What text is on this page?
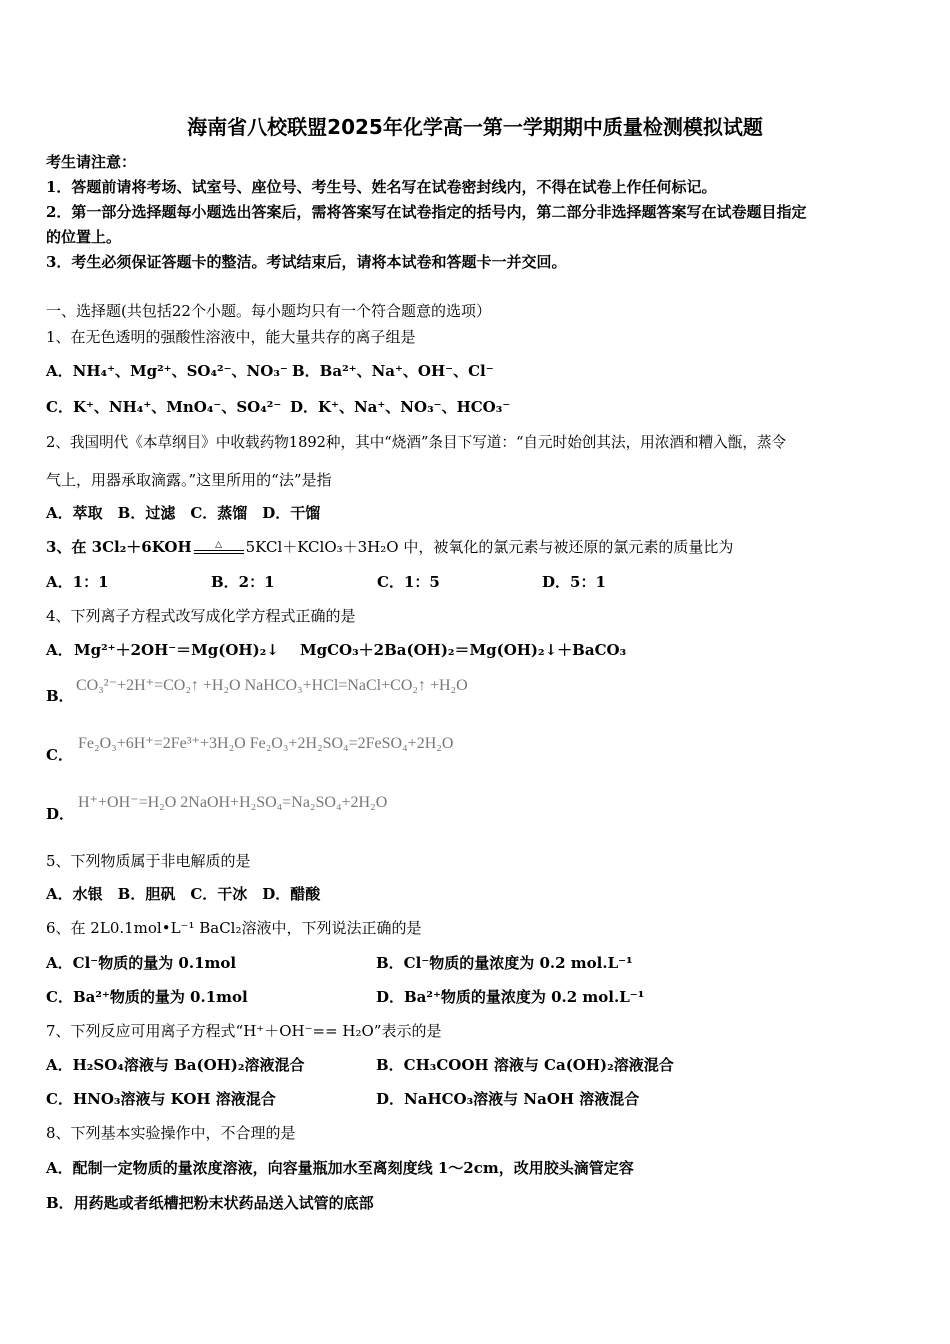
海南省八校联盟2025年化学高一第一学期期中质量检测模拟试题
考生请注意：
1．答题前请将考场、试室号、座位号、考生号、姓名写在试卷密封线内，不得在试卷上作任何标记。
2．第一部分选择题每小题选出答案后，需将答案写在试卷指定的括号内，第二部分非选择题答案写在试卷题目指定
的位置上。
3．考生必须保证答题卡的整洁。考试结束后，请将本试卷和答题卡一并交回。
一、选择题(共包括22个小题。每小题均只有一个符合题意的选项）
1、在无色透明的强酸性溶液中，能大量共存的离子组是
A．NH₄⁺、Mg²⁺、SO₄²⁻、NO₃⁻ B．Ba²⁺、Na⁺、OH⁻、Cl⁻
C．K⁺、NH₄⁺、MnO₄⁻、SO₄²⁻ D．K⁺、Na⁺、NO₃⁻、HCO₃⁻
2、我国明代《本草纲目》中收载药物1892种，其中“烧酒”条目下写道：“自元时始创其法，用浓酒和糟入甑，蒸令
气上，用器承取滴露。”这里所用的“法”是指
A．萃取　B．过滤　C．蒸馏　D．干馏
3、在 3Cl₂＋6KOH	△ 5KCl＋KClO₃＋3H₂O 中，被氧化的氯元素与被还原的氯元素的质量比为
A．1：1	B．2：1	C．1：5	D．5：1
4、下列离子方程式改写成化学方程式正确的是
A． Mg²⁺＋2OH⁻＝Mg(OH)₂↓ MgCO₃＋2Ba(OH)₂＝Mg(OH)₂↓＋BaCO₃
B．
CO₃²⁻+2H⁺=CO₂↑ +H₂O NaHCO₃+HCl=NaCl+CO₂↑ +H₂O
C．
Fe₂O₃+6H⁺=2Fe³⁺+3H₂O Fe₂O₃+2H₂SO₄=2FeSO₄+2H₂O
D．
H⁺+OH⁻=H₂O 2NaOH+H₂SO₄=Na₂SO₄+2H₂O
5、下列物质属于非电解质的是
A．水银　B．胆矾　C．干冰　D．醋酸
6、在 2L0.1mol•L⁻¹ BaCl₂溶液中，下列说法正确的是
A．Cl⁻物质的量为 0.1mol	B．Cl⁻物质的量浓度为 0.2 mol.L⁻¹
C．Ba²⁺物质的量为 0.1mol	D．Ba²⁺物质的量浓度为 0.2 mol.L⁻¹
7、下列反应可用离子方程式“H⁺＋OH⁻== H₂O”表示的是
A．H₂SO₄溶液与 Ba(OH)₂溶液混合	B．CH₃COOH 溶液与 Ca(OH)₂溶液混合
C．HNO₃溶液与 KOH 溶液混合	D．NaHCO₃溶液与 NaOH 溶液混合
8、下列基本实验操作中，不合理的是
A．配制一定物质的量浓度溶液，向容量瓶加水至离刻度线 1～2cm，改用胶头滴管定容
B．用药匙或者纸槽把粉末状药品送入试管的底部
